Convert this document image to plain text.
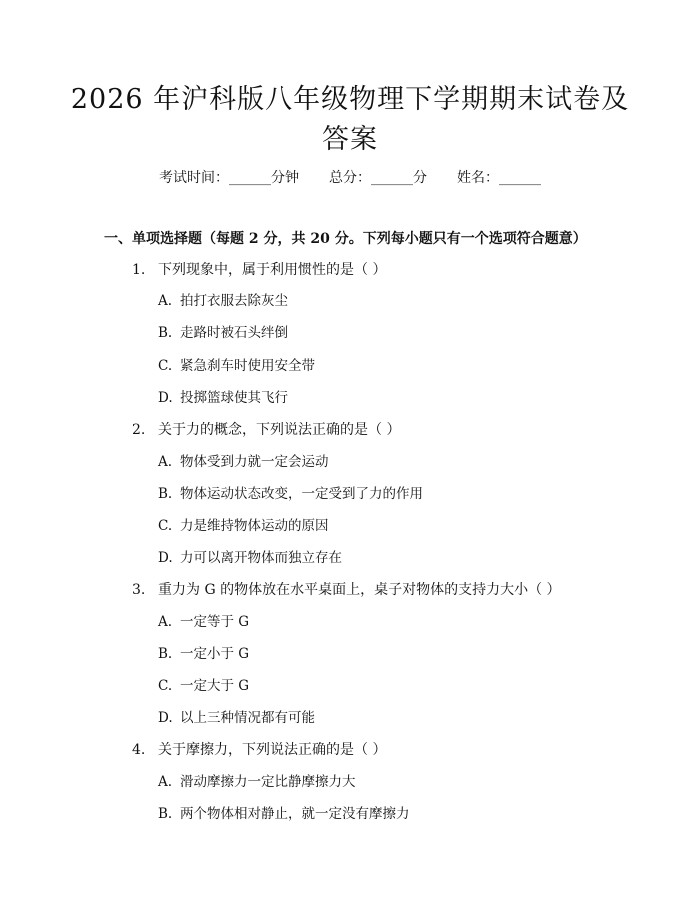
2026 年沪科版八年级物理下学期期末试卷及
答案
考试时间：______分钟 总分：______分 姓名：______
一、单项选择题（每题 2 分，共 20 分。下列每小题只有一个选项符合题意）
1. 下列现象中，属于利用惯性的是（ ）
A. 拍打衣服去除灰尘
B. 走路时被石头绊倒
C. 紧急刹车时使用安全带
D. 投掷篮球使其飞行
2. 关于力的概念，下列说法正确的是（ ）
A. 物体受到力就一定会运动
B. 物体运动状态改变，一定受到了力的作用
C. 力是维持物体运动的原因
D. 力可以离开物体而独立存在
3. 重力为 G 的物体放在水平桌面上，桌子对物体的支持力大小（ ）
A. 一定等于 G
B. 一定小于 G
C. 一定大于 G
D. 以上三种情况都有可能
4. 关于摩擦力，下列说法正确的是（ ）
A. 滑动摩擦力一定比静摩擦力大
B. 两个物体相对静止，就一定没有摩擦力
